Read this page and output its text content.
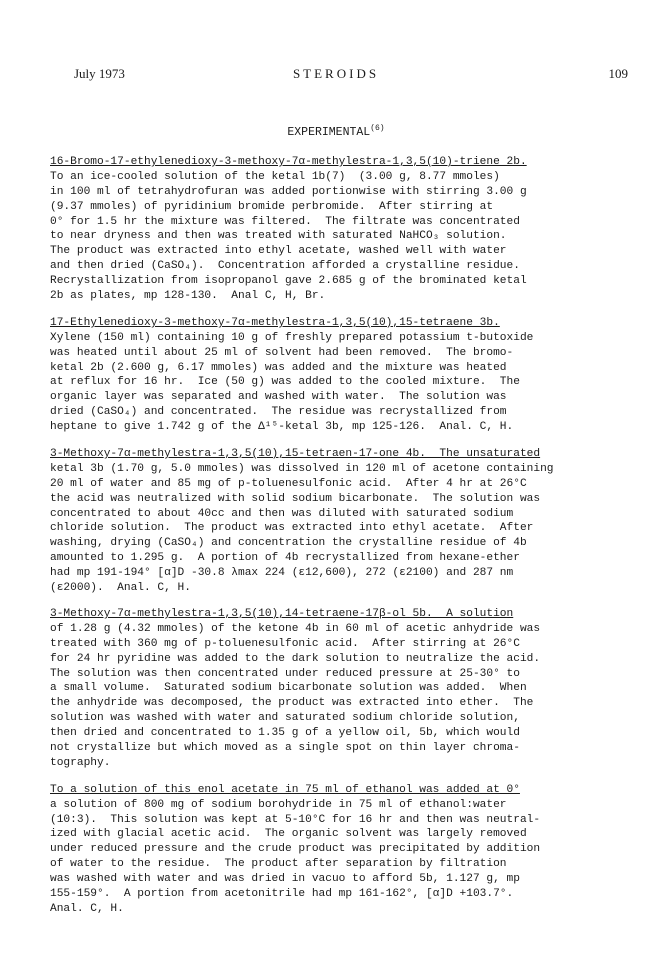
July 1973	STEROIDS	109
EXPERIMENTAL$^{(6)}$
16-Bromo-17-ethylenedioxy-3-methoxy-7α-methylestra-1,3,5(10)-triene 2b.
To an ice-cooled solution of the ketal 1b(7)  (3.00 g, 8.77 mmoles)
in 100 ml of tetrahydrofuran was added portionwise with stirring 3.00 g
(9.37 mmoles) of pyridinium bromide perbromide.  After stirring at
0° for 1.5 hr the mixture was filtered.  The filtrate was concentrated
to near dryness and then was treated with saturated NaHCO₃ solution.
The product was extracted into ethyl acetate, washed well with water
and then dried (CaSO₄).  Concentration afforded a crystalline residue.
Recrystallization from isopropanol gave 2.685 g of the brominated ketal
2b as plates, mp 128-130.  Anal C, H, Br.
17-Ethylenedioxy-3-methoxy-7α-methylestra-1,3,5(10),15-tetraene 3b.
Xylene (150 ml) containing 10 g of freshly prepared potassium t-butoxide
was heated until about 25 ml of solvent had been removed.  The bromo-
ketal 2b (2.600 g, 6.17 mmoles) was added and the mixture was heated
at reflux for 16 hr.  Ice (50 g) was added to the cooled mixture.  The
organic layer was separated and washed with water.  The solution was
dried (CaSO₄) and concentrated.  The residue was recrystallized from
heptane to give 1.742 g of the Δ¹⁵-ketal 3b, mp 125-126.  Anal. C, H.
3-Methoxy-7α-methylestra-1,3,5(10),15-tetraen-17-one 4b.  The unsaturated
ketal 3b (1.70 g, 5.0 mmoles) was dissolved in 120 ml of acetone containing
20 ml of water and 85 mg of p-toluenesulfonic acid.  After 4 hr at 26°C
the acid was neutralized with solid sodium bicarbonate.  The solution was
concentrated to about 40cc and then was diluted with saturated sodium
chloride solution.  The product was extracted into ethyl acetate.  After
washing, drying (CaSO₄) and concentration the crystalline residue of 4b
amounted to 1.295 g.  A portion of 4b recrystallized from hexane-ether
had mp 191-194° [α]D -30.8 λmax 224 (ε12,600), 272 (ε2100) and 287 nm
(ε2000).  Anal. C, H.
3-Methoxy-7α-methylestra-1,3,5(10),14-tetraene-17β-ol 5b.  A solution
of 1.28 g (4.32 mmoles) of the ketone 4b in 60 ml of acetic anhydride was
treated with 360 mg of p-toluenesulfonic acid.  After stirring at 26°C
for 24 hr pyridine was added to the dark solution to neutralize the acid.
The solution was then concentrated under reduced pressure at 25-30° to
a small volume.  Saturated sodium bicarbonate solution was added.  When
the anhydride was decomposed, the product was extracted into ether.  The
solution was washed with water and saturated sodium chloride solution,
then dried and concentrated to 1.35 g of a yellow oil, 5b, which would
not crystallize but which moved as a single spot on thin layer chroma-
tography.
To a solution of this enol acetate in 75 ml of ethanol was added at 0°
a solution of 800 mg of sodium borohydride in 75 ml of ethanol:water
(10:3).  This solution was kept at 5-10°C for 16 hr and then was neutral-
ized with glacial acetic acid.  The organic solvent was largely removed
under reduced pressure and the crude product was precipitated by addition
of water to the residue.  The product after separation by filtration
was washed with water and was dried in vacuo to afford 5b, 1.127 g, mp
155-159°.  A portion from acetonitrile had mp 161-162°, [α]D +103.7°.
Anal. C, H.
